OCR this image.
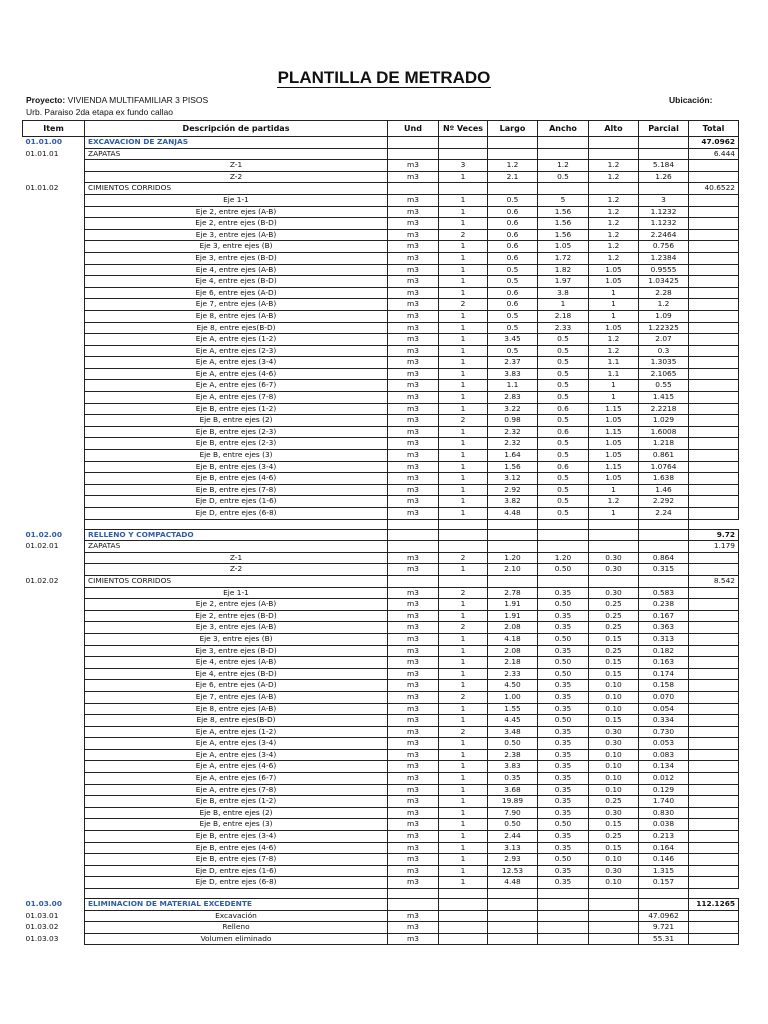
PLANTILLA DE METRADO
Proyecto: VIVIENDA MULTIFAMILIAR 3 PISOS	Ubicación:
Urb. Paraiso 2da etapa ex fundo callao
Item	Descripción de partidas	Und	Nº Veces	Largo	Ancho	Alto	Parcial	Total
01.01.00	EXCAVACION DE ZANJAS							47.0962
01.01.01	ZAPATAS							6.444
	Z-1	m3	3	1.2	1.2	1.2	5.184	
	Z-2	m3	1	2.1	0.5	1.2	1.26	
01.01.02	CIMIENTOS CORRIDOS							40.6522
	Eje 1-1	m3	1	0.5	5	1.2	3	
	Eje 2, entre ejes (A-B)	m3	1	0.6	1.56	1.2	1.1232	
	Eje 2, entre ejes (B-D)	m3	1	0.6	1.56	1.2	1.1232	
	Eje 3, entre ejes (A-B)	m3	2	0.6	1.56	1.2	2.2464	
	Eje 3, entre ejes (B)	m3	1	0.6	1.05	1.2	0.756	
	Eje 3, entre ejes (B-D)	m3	1	0.6	1.72	1.2	1.2384	
	Eje 4, entre ejes (A-B)	m3	1	0.5	1.82	1.05	0.9555	
	Eje 4, entre ejes (B-D)	m3	1	0.5	1.97	1.05	1.03425	
	Eje 6, entre ejes (A-D)	m3	1	0.6	3.8	1	2.28	
	Eje 7, entre ejes (A-B)	m3	2	0.6	1	1	1.2	
	Eje 8, entre ejes (A-B)	m3	1	0.5	2.18	1	1.09	
	Eje 8, entre ejes(B-D)	m3	1	0.5	2.33	1.05	1.22325	
	Eje A, entre ejes (1-2)	m3	1	3.45	0.5	1.2	2.07	
	Eje A, entre ejes (2-3)	m3	1	0.5	0.5	1.2	0.3	
	Eje A, entre ejes (3-4)	m3	1	2.37	0.5	1.1	1.3035	
	Eje A, entre ejes (4-6)	m3	1	3.83	0.5	1.1	2.1065	
	Eje A, entre ejes (6-7)	m3	1	1.1	0.5	1	0.55	
	Eje A, entre ejes (7-8)	m3	1	2.83	0.5	1	1.415	
	Eje B, entre ejes (1-2)	m3	1	3.22	0.6	1.15	2.2218	
	Eje B, entre ejes (2)	m3	2	0.98	0.5	1.05	1.029	
	Eje B, entre ejes (2-3)	m3	1	2.32	0.6	1.15	1.6008	
	Eje B, entre ejes (2-3)	m3	1	2.32	0.5	1.05	1.218	
	Eje B, entre ejes (3)	m3	1	1.64	0.5	1.05	0.861	
	Eje B, entre ejes (3-4)	m3	1	1.56	0.6	1.15	1.0764	
	Eje B, entre ejes (4-6)	m3	1	3.12	0.5	1.05	1.638	
	Eje B, entre ejes (7-8)	m3	1	2.92	0.5	1	1.46	
	Eje D, entre ejes (1-6)	m3	1	3.82	0.5	1.2	2.292	
	Eje D, entre ejes (6-8)	m3	1	4.48	0.5	1	2.24	

01.02.00	RELLENO Y COMPACTADO							9.72
01.02.01	ZAPATAS							1.179
	Z-1	m3	2	1.20	1.20	0.30	0.864	
	Z-2	m3	1	2.10	0.50	0.30	0.315	
01.02.02	CIMIENTOS CORRIDOS							8.542
	Eje 1-1	m3	2	2.78	0.35	0.30	0.583	
	Eje 2, entre ejes (A-B)	m3	1	1.91	0.50	0.25	0.238	
	Eje 2, entre ejes (B-D)	m3	1	1.91	0.35	0.25	0.167	
	Eje 3, entre ejes (A-B)	m3	2	2.08	0.35	0.25	0.363	
	Eje 3, entre ejes (B)	m3	1	4.18	0.50	0.15	0.313	
	Eje 3, entre ejes (B-D)	m3	1	2.08	0.35	0.25	0.182	
	Eje 4, entre ejes (A-B)	m3	1	2.18	0.50	0.15	0.163	
	Eje 4, entre ejes (B-D)	m3	1	2.33	0.50	0.15	0.174	
	Eje 6, entre ejes (A-D)	m3	1	4.50	0.35	0.10	0.158	
	Eje 7, entre ejes (A-B)	m3	2	1.00	0.35	0.10	0.070	
	Eje 8, entre ejes (A-B)	m3	1	1.55	0.35	0.10	0.054	
	Eje 8, entre ejes(B-D)	m3	1	4.45	0.50	0.15	0.334	
	Eje A, entre ejes (1-2)	m3	2	3.48	0.35	0.30	0.730	
	Eje A, entre ejes (3-4)	m3	1	0.50	0.35	0.30	0.053	
	Eje A, entre ejes (3-4)	m3	1	2.38	0.35	0.10	0.083	
	Eje A, entre ejes (4-6)	m3	1	3.83	0.35	0.10	0.134	
	Eje A, entre ejes (6-7)	m3	1	0.35	0.35	0.10	0.012	
	Eje A, entre ejes (7-8)	m3	1	3.68	0.35	0.10	0.129	
	Eje B, entre ejes (1-2)	m3	1	19.89	0.35	0.25	1.740	
	Eje B, entre ejes (2)	m3	1	7.90	0.35	0.30	0.830	
	Eje B, entre ejes (3)	m3	1	0.50	0.50	0.15	0.038	
	Eje B, entre ejes (3-4)	m3	1	2.44	0.35	0.25	0.213	
	Eje B, entre ejes (4-6)	m3	1	3.13	0.35	0.15	0.164	
	Eje B, entre ejes (7-8)	m3	1	2.93	0.50	0.10	0.146	
	Eje D, entre ejes (1-6)	m3	1	12.53	0.35	0.30	1.315	
	Eje D, entre ejes (6-8)	m3	1	4.48	0.35	0.10	0.157	

01.03.00	ELIMINACION DE MATERIAL EXCEDENTE							112.1265
01.03.01	Excavación	m3					47.0962	
01.03.02	Relleno	m3					9.721	
01.03.03	Volumen eliminado	m3					55.31	
